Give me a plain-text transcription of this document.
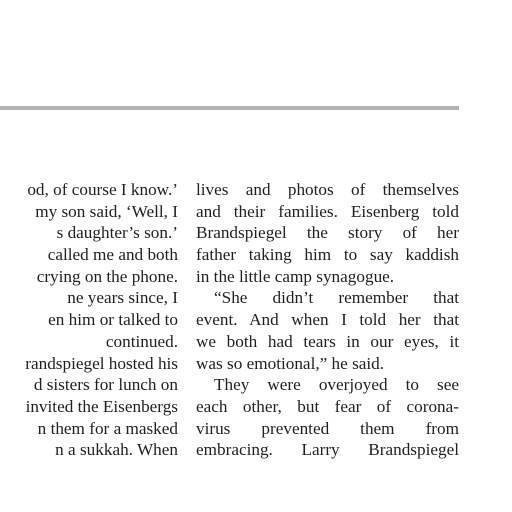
od, of course I know.’
my son said, ‘Well, I
s daughter’s son.’
called me and both
crying on the phone.
ne years since, I
en him or talked to
continued.
randspiegel hosted his
d sisters for lunch on
invited the Eisenbergs
n them for a masked
n a sukkah. When
lives and photos of themselves
and their families. Eisenberg told
Brandspiegel the story of her
father taking him to say kaddish
in the little camp synagogue.
“She didn’t remember that
event. And when I told her that
we both had tears in our eyes, it
was so emotional,” he said.
They were overjoyed to see
each other, but fear of corona-
virus prevented them from
embracing. Larry Brandspiegel
